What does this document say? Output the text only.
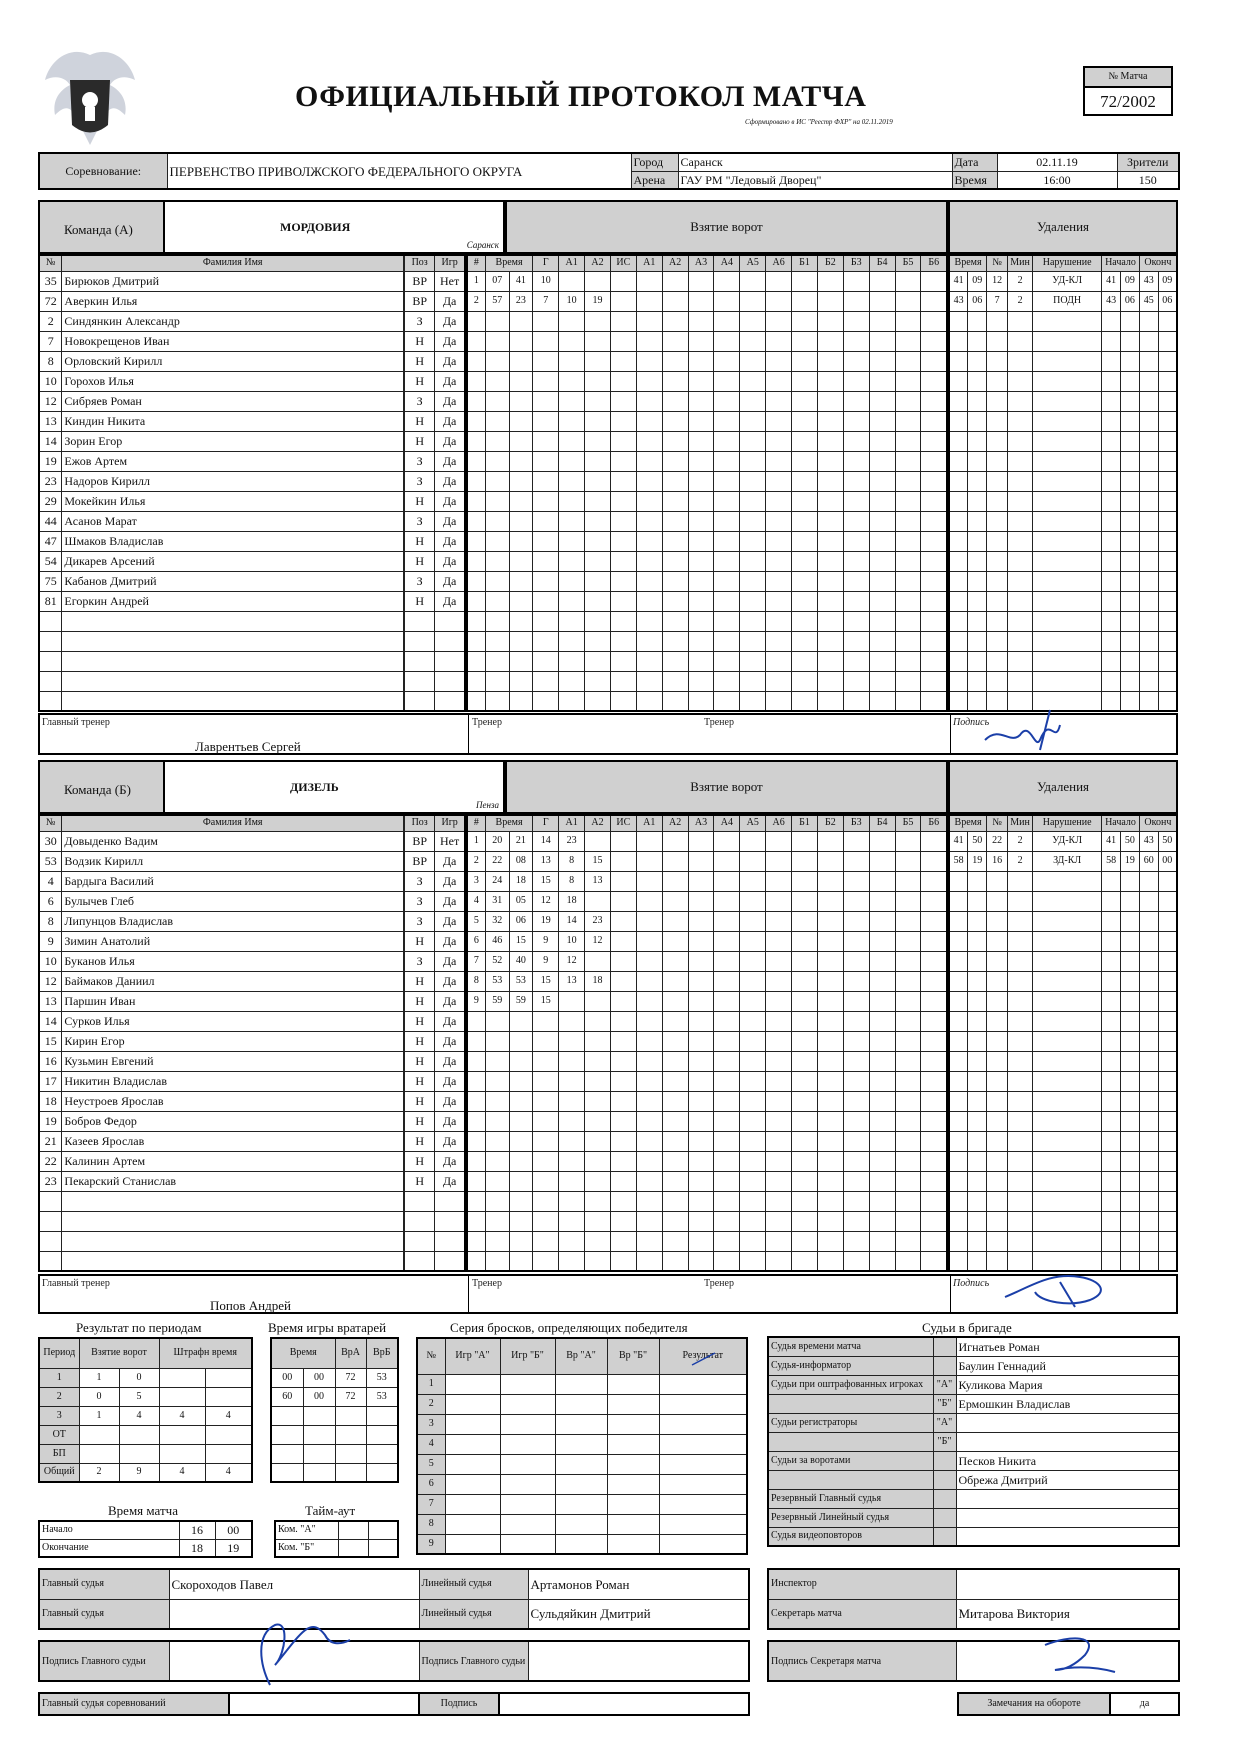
ОФИЦИАЛЬНЫЙ ПРОТОКОЛ МАТЧА
Сформировано в ИС "Реестр ФХР" на 02.11.2019
№ Матча
72/2002
Соревнование:	ПЕРВЕНСТВО ПРИВОЛЖСКОГО ФЕДЕРАЛЬНОГО ОКРУГА	Город	Саранск	Дата	02.11.19	Зрители
		Арена	ГАУ РМ "Ледовый Дворец"	Время	16:00	150
Команда (А)	МОРДОВИЯ
Саранск
Взятие ворот	Удаления
№	Фамилия Имя		Поз	Игр
35	Бирюков Дмитрий		ВР	Нет
72	Аверкин Илья		ВР	Да
2	Синдянкин Александр		З	Да
7	Новокрещенов Иван		Н	Да
8	Орловский Кирилл		Н	Да
10	Горохов Илья		Н	Да
12	Сибряев Роман		З	Да
13	Киндин Никита		Н	Да
14	Зорин Егор		Н	Да
19	Ежов Артем		З	Да
23	Надоров Кирилл		З	Да
29	Мокейкин Илья		Н	Да
44	Асанов Марат		З	Да
47	Шмаков Владислав		Н	Да
54	Дикарев Арсений		Н	Да
75	Кабанов Дмитрий		З	Да
81	Егоркин Андрей		Н	Да

#	Время		Г	А1	А2	ИС	А1	А2	А3	А4	А5	А6	Б1	Б2	Б3	Б4	Б5	Б6
1	07	41	10															
2	57	23	7	10	19													

Время		№	Мин	Нарушение	Начало		Оконч	
41	09	12	2	УД-КЛ	41	09	43	09
43	06	7	2	ПОДН	43	06	45	06

Главный тренер
Лаврентьев Сергей
Тренер	Тренер	Подпись
Команда (Б)	ДИЗЕЛЬ
Пенза
Взятие ворот	Удаления
№	Фамилия Имя		Поз	Игр
30	Довыденко Вадим		ВР	Нет
53	Водзик Кирилл		ВР	Да
4	Бардыга Василий		З	Да
6	Булычев Глеб		З	Да
8	Липунцов Владислав		З	Да
9	Зимин Анатолий		Н	Да
10	Буканов Илья		З	Да
12	Баймаков Даниил		Н	Да
13	Паршин Иван		Н	Да
14	Сурков Илья		Н	Да
15	Кирин Егор		Н	Да
16	Кузьмин Евгений		Н	Да
17	Никитин Владислав		Н	Да
18	Неустроев Ярослав		Н	Да
19	Бобров Федор		Н	Да
21	Казеев Ярослав		Н	Да
22	Калинин Артем		Н	Да
23	Пекарский Станислав		Н	Да

#	Время		Г	А1	А2	ИС	А1	А2	А3	А4	А5	А6	Б1	Б2	Б3	Б4	Б5	Б6
1	20	21	14	23														
2	22	08	13	8	15													
3	24	18	15	8	13													
4	31	05	12	18														
5	32	06	19	14	23													
6	46	15	9	10	12													
7	52	40	9	12														
8	53	53	15	13	18													
9	59	59	15															

Время		№	Мин	Нарушение	Начало		Оконч	
41	50	22	2	УД-КЛ	41	50	43	50
58	19	16	2	ЗД-КЛ	58	19	60	00

Главный тренер
Попов Андрей
Тренер	Тренер	Подпись
Результат по периодам
Период	Взятие ворот		Штрафн время	
1	1	0		
2	0	5		
3	1	4	4	4
ОТ				
БП				
Общий	2	9	4	4
Время игры вратарей
Время		ВрА	ВрБ
00	00	72	53
60	00	72	53

Время матча
Начало	16	00
Окончание	18	19
Тайм-аут
Ком. "А"		
Ком. "Б"		
Серия бросков, определяющих победителя
№	Игр "А"	Игр "Б"	Вр "А"	Вр "Б"	Результат
1					
2					
3					
4					
5					
6					
7					
8					
9					
Судьи в бригаде
Судья времени матча		Игнатьев Роман
Судья-информатор		Баулин Геннадий
Судьи при оштрафованных игроках	"А"	Куликова Мария
	"Б"	Ермошкин Владислав
Судьи регистраторы	"А"	
	"Б"	
Судьи за воротами		Песков Никита
		Обрежа Дмитрий
Резервный Главный судья		
Резервный Линейный судья		
Судья видеоповторов		
Главный судья	Скороходов Павел	Линейный судья	Артамонов Роман
Главный судья		Линейный судья	Сульдяйкин Дмитрий
Инспектор	
Секретарь матча	Митарова Виктория
Подпись Главного судьи		Подпись Главного судьи		Подпись Секретаря матча	
Главный судья соревнований		Подпись		Замечания на обороте	да
